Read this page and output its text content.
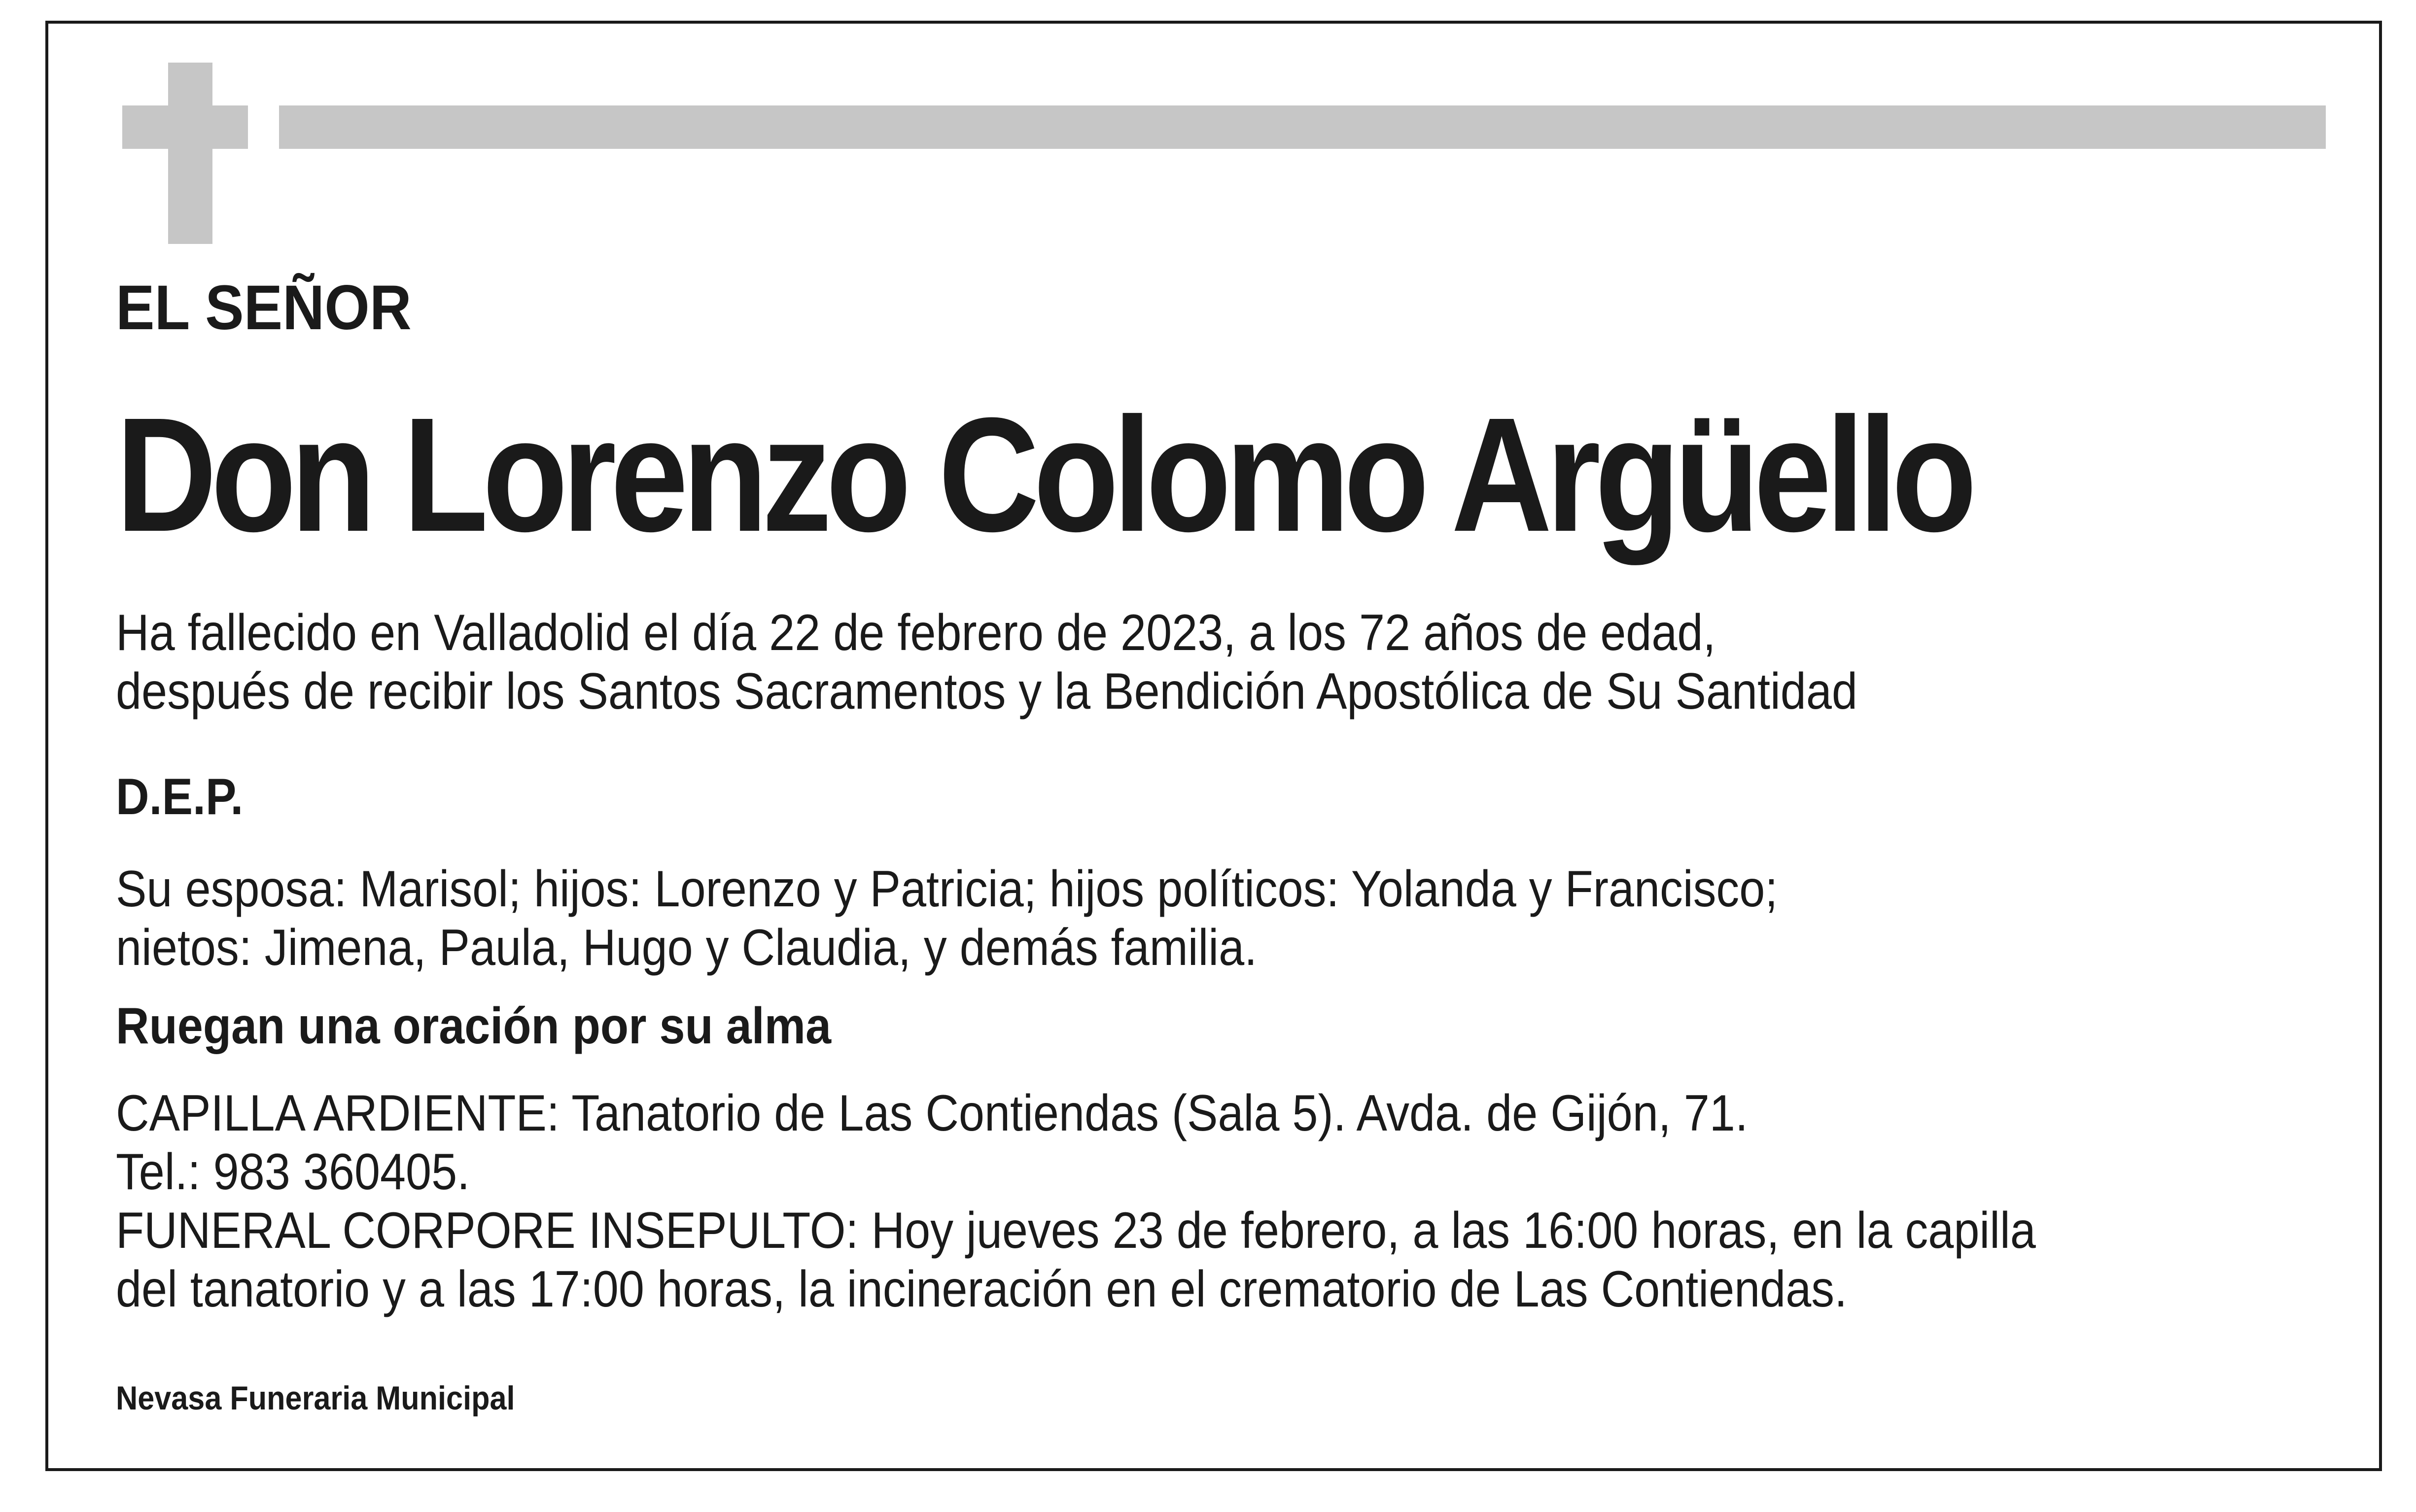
EL SEÑOR

Don Lorenzo Colomo Argüello

Ha fallecido en Valladolid el día 22 de febrero de 2023, a los 72 años de edad,
después de recibir los Santos Sacramentos y la Bendición Apostólica de Su Santidad

D.E.P.

Su esposa: Marisol; hijos: Lorenzo y Patricia; hijos políticos: Yolanda y Francisco;
nietos: Jimena, Paula, Hugo y Claudia, y demás familia.

Ruegan una oración por su alma

CAPILLA ARDIENTE: Tanatorio de Las Contiendas (Sala 5). Avda. de Gijón, 71.
Tel.: 983 360405.
FUNERAL CORPORE INSEPULTO: Hoy jueves 23 de febrero, a las 16:00 horas, en la capilla
del tanatorio y a las 17:00 horas, la incineración en el crematorio de Las Contiendas.

Nevasa Funeraria Municipal
